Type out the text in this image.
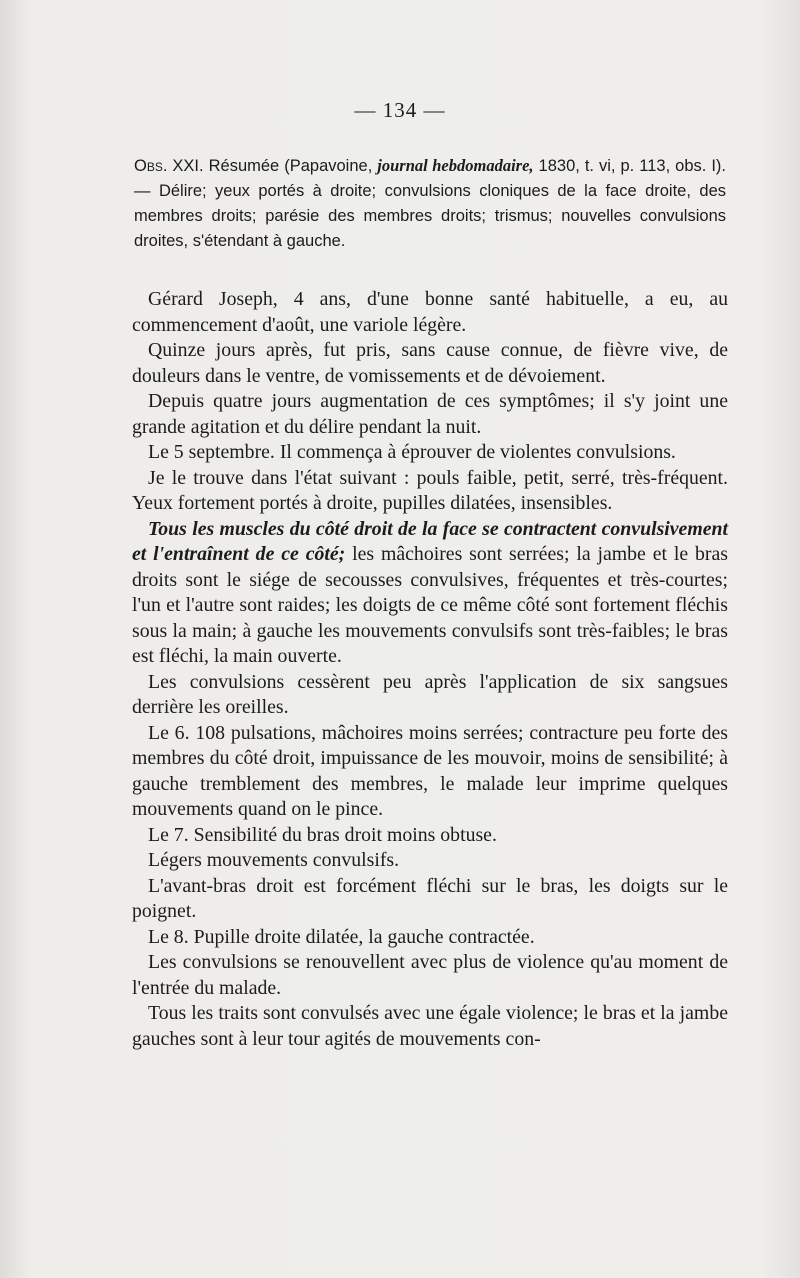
— 134 —
Obs. XXI. Résumée (Papavoine, journal hebdomadaire, 1830, t. vi, p. 113, obs. I). — Délire; yeux portés à droite; convulsions cloniques de la face droite, des membres droits; parésie des membres droits; trismus; nouvelles convulsions droites, s'étendant à gauche.

Gérard Joseph, 4 ans, d'une bonne santé habituelle, a eu, au commencement d'août, une variole légère.

Quinze jours après, fut pris, sans cause connue, de fièvre vive, de douleurs dans le ventre, de vomissements et de dévoiement.

Depuis quatre jours augmentation de ces symptômes; il s'y joint une grande agitation et du délire pendant la nuit.

Le 5 septembre. Il commença à éprouver de violentes convulsions.

Je le trouve dans l'état suivant : pouls faible, petit, serré, très-fréquent. Yeux fortement portés à droite, pupilles dilatées, insensibles.

Tous les muscles du côté droit de la face se contractent convulsivement et l'entraînent de ce côté; les mâchoires sont serrées; la jambe et le bras droits sont le siége de secousses convulsives, fréquentes et très-courtes; l'un et l'autre sont raides; les doigts de ce même côté sont fortement fléchis sous la main; à gauche les mouvements convulsifs sont très-faibles; le bras est fléchi, la main ouverte.

Les convulsions cessèrent peu après l'application de six sangsues derrière les oreilles.

Le 6. 108 pulsations, mâchoires moins serrées; contracture peu forte des membres du côté droit, impuissance de les mouvoir, moins de sensibilité; à gauche tremblement des membres, le malade leur imprime quelques mouvements quand on le pince.

Le 7. Sensibilité du bras droit moins obtuse.

Légers mouvements convulsifs.

L'avant-bras droit est forcément fléchi sur le bras, les doigts sur le poignet.

Le 8. Pupille droite dilatée, la gauche contractée.

Les convulsions se renouvellent avec plus de violence qu'au moment de l'entrée du malade.

Tous les traits sont convulsés avec une égale violence; le bras et la jambe gauches sont à leur tour agités de mouvements con-
